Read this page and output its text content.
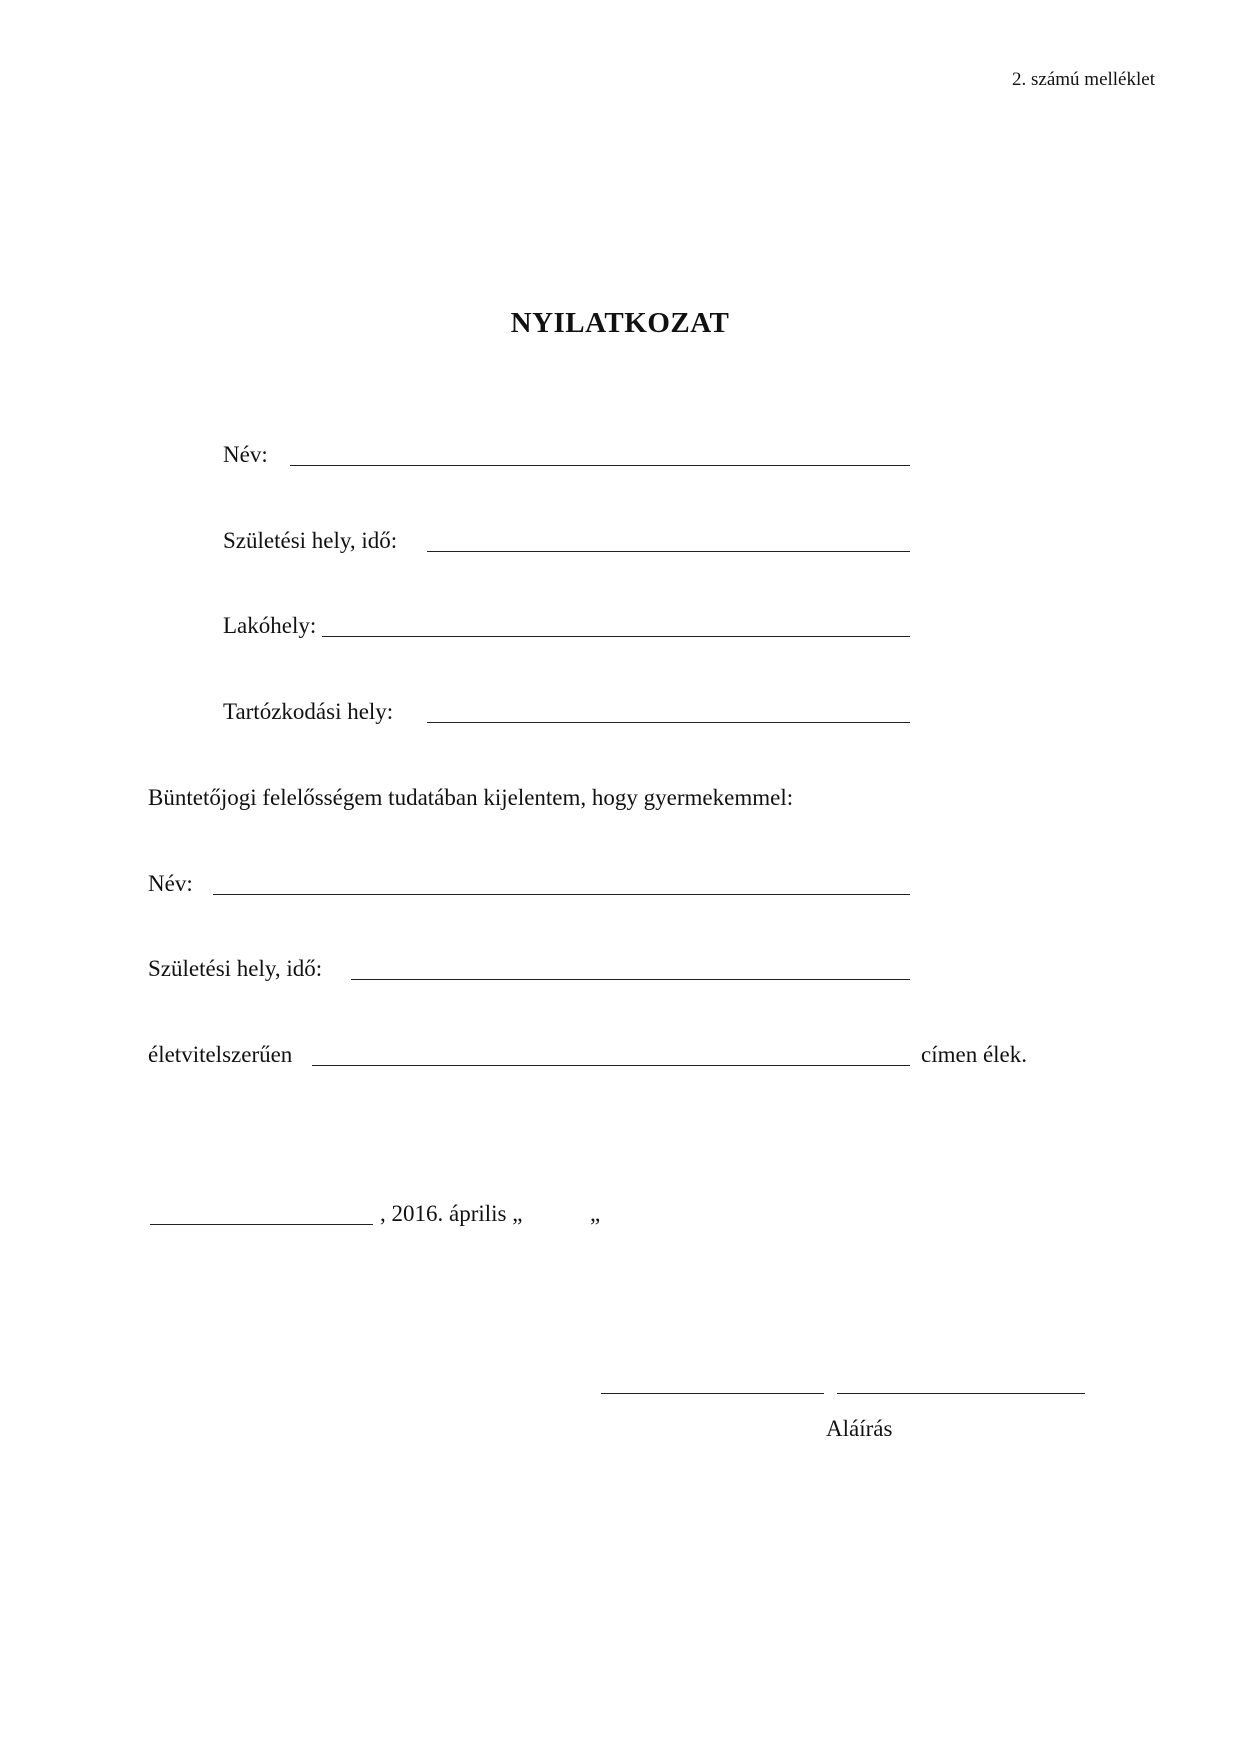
2. számú melléklet
NYILATKOZAT
Név:
Születési hely, idő:
Lakóhely:
Tartózkodási hely:
Büntetőjogi felelősségem tudatában kijelentem, hogy gyermekemmel:
Név:
Születési hely, idő:
életvitelszerűen	címen élek.
, 2016. április „	„
Aláírás
